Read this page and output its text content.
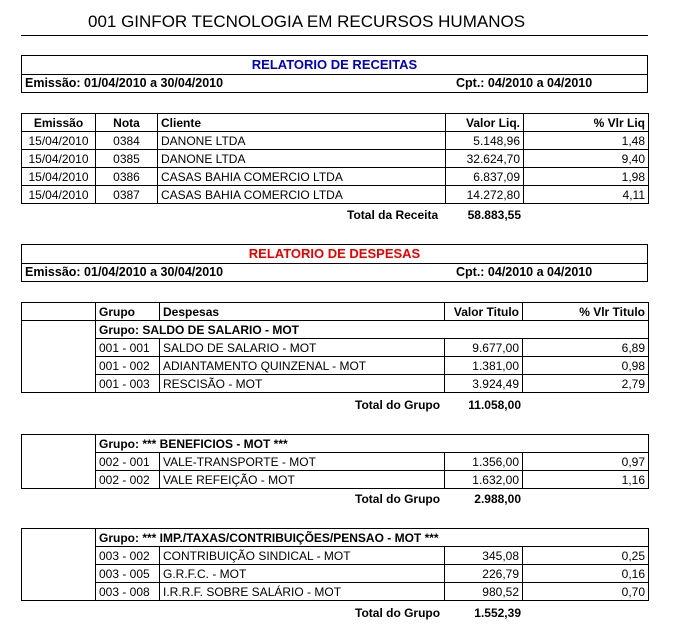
001 GINFOR TECNOLOGIA EM RECURSOS HUMANOS
RELATORIO DE RECEITAS
Emissão: 01/04/2010 a 30/04/2010	Cpt.: 04/2010 a 04/2010
Emissão	Nota	Cliente	Valor Liq.	% Vlr Liq
15/04/2010	0384	DANONE LTDA	5.148,96	1,48
15/04/2010	0385	DANONE LTDA	32.624,70	9,40
15/04/2010	0386	CASAS BAHIA COMERCIO LTDA	6.837,09	1,98
15/04/2010	0387	CASAS BAHIA COMERCIO LTDA	14.272,80	4,11
Total da Receita	58.883,55
RELATORIO DE DESPESAS
Emissão: 01/04/2010 a 30/04/2010	Cpt.: 04/2010 a 04/2010
	Grupo	Despesas	Valor Titulo	% Vlr Titulo
	Grupo: SALDO DE SALARIO - MOT			
	001 - 001	SALDO DE SALARIO - MOT	9.677,00	6,89
	001 - 002	ADIANTAMENTO QUINZENAL - MOT	1.381,00	0,98
	001 - 003	RESCISÃO - MOT	3.924,49	2,79
Total do Grupo	11.058,00
	Grupo: *** BENEFICIOS - MOT ***			
	002 - 001	VALE-TRANSPORTE - MOT	1.356,00	0,97
	002 - 002	VALE REFEIÇÃO - MOT	1.632,00	1,16
Total do Grupo	2.988,00
	Grupo: *** IMP./TAXAS/CONTRIBUIÇÕES/PENSAO - MOT ***			
	003 - 002	CONTRIBUIÇÃO SINDICAL - MOT	345,08	0,25
	003 - 005	G.R.F.C. - MOT	226,79	0,16
	003 - 008	I.R.R.F. SOBRE SALÁRIO - MOT	980,52	0,70
Total do Grupo	1.552,39
